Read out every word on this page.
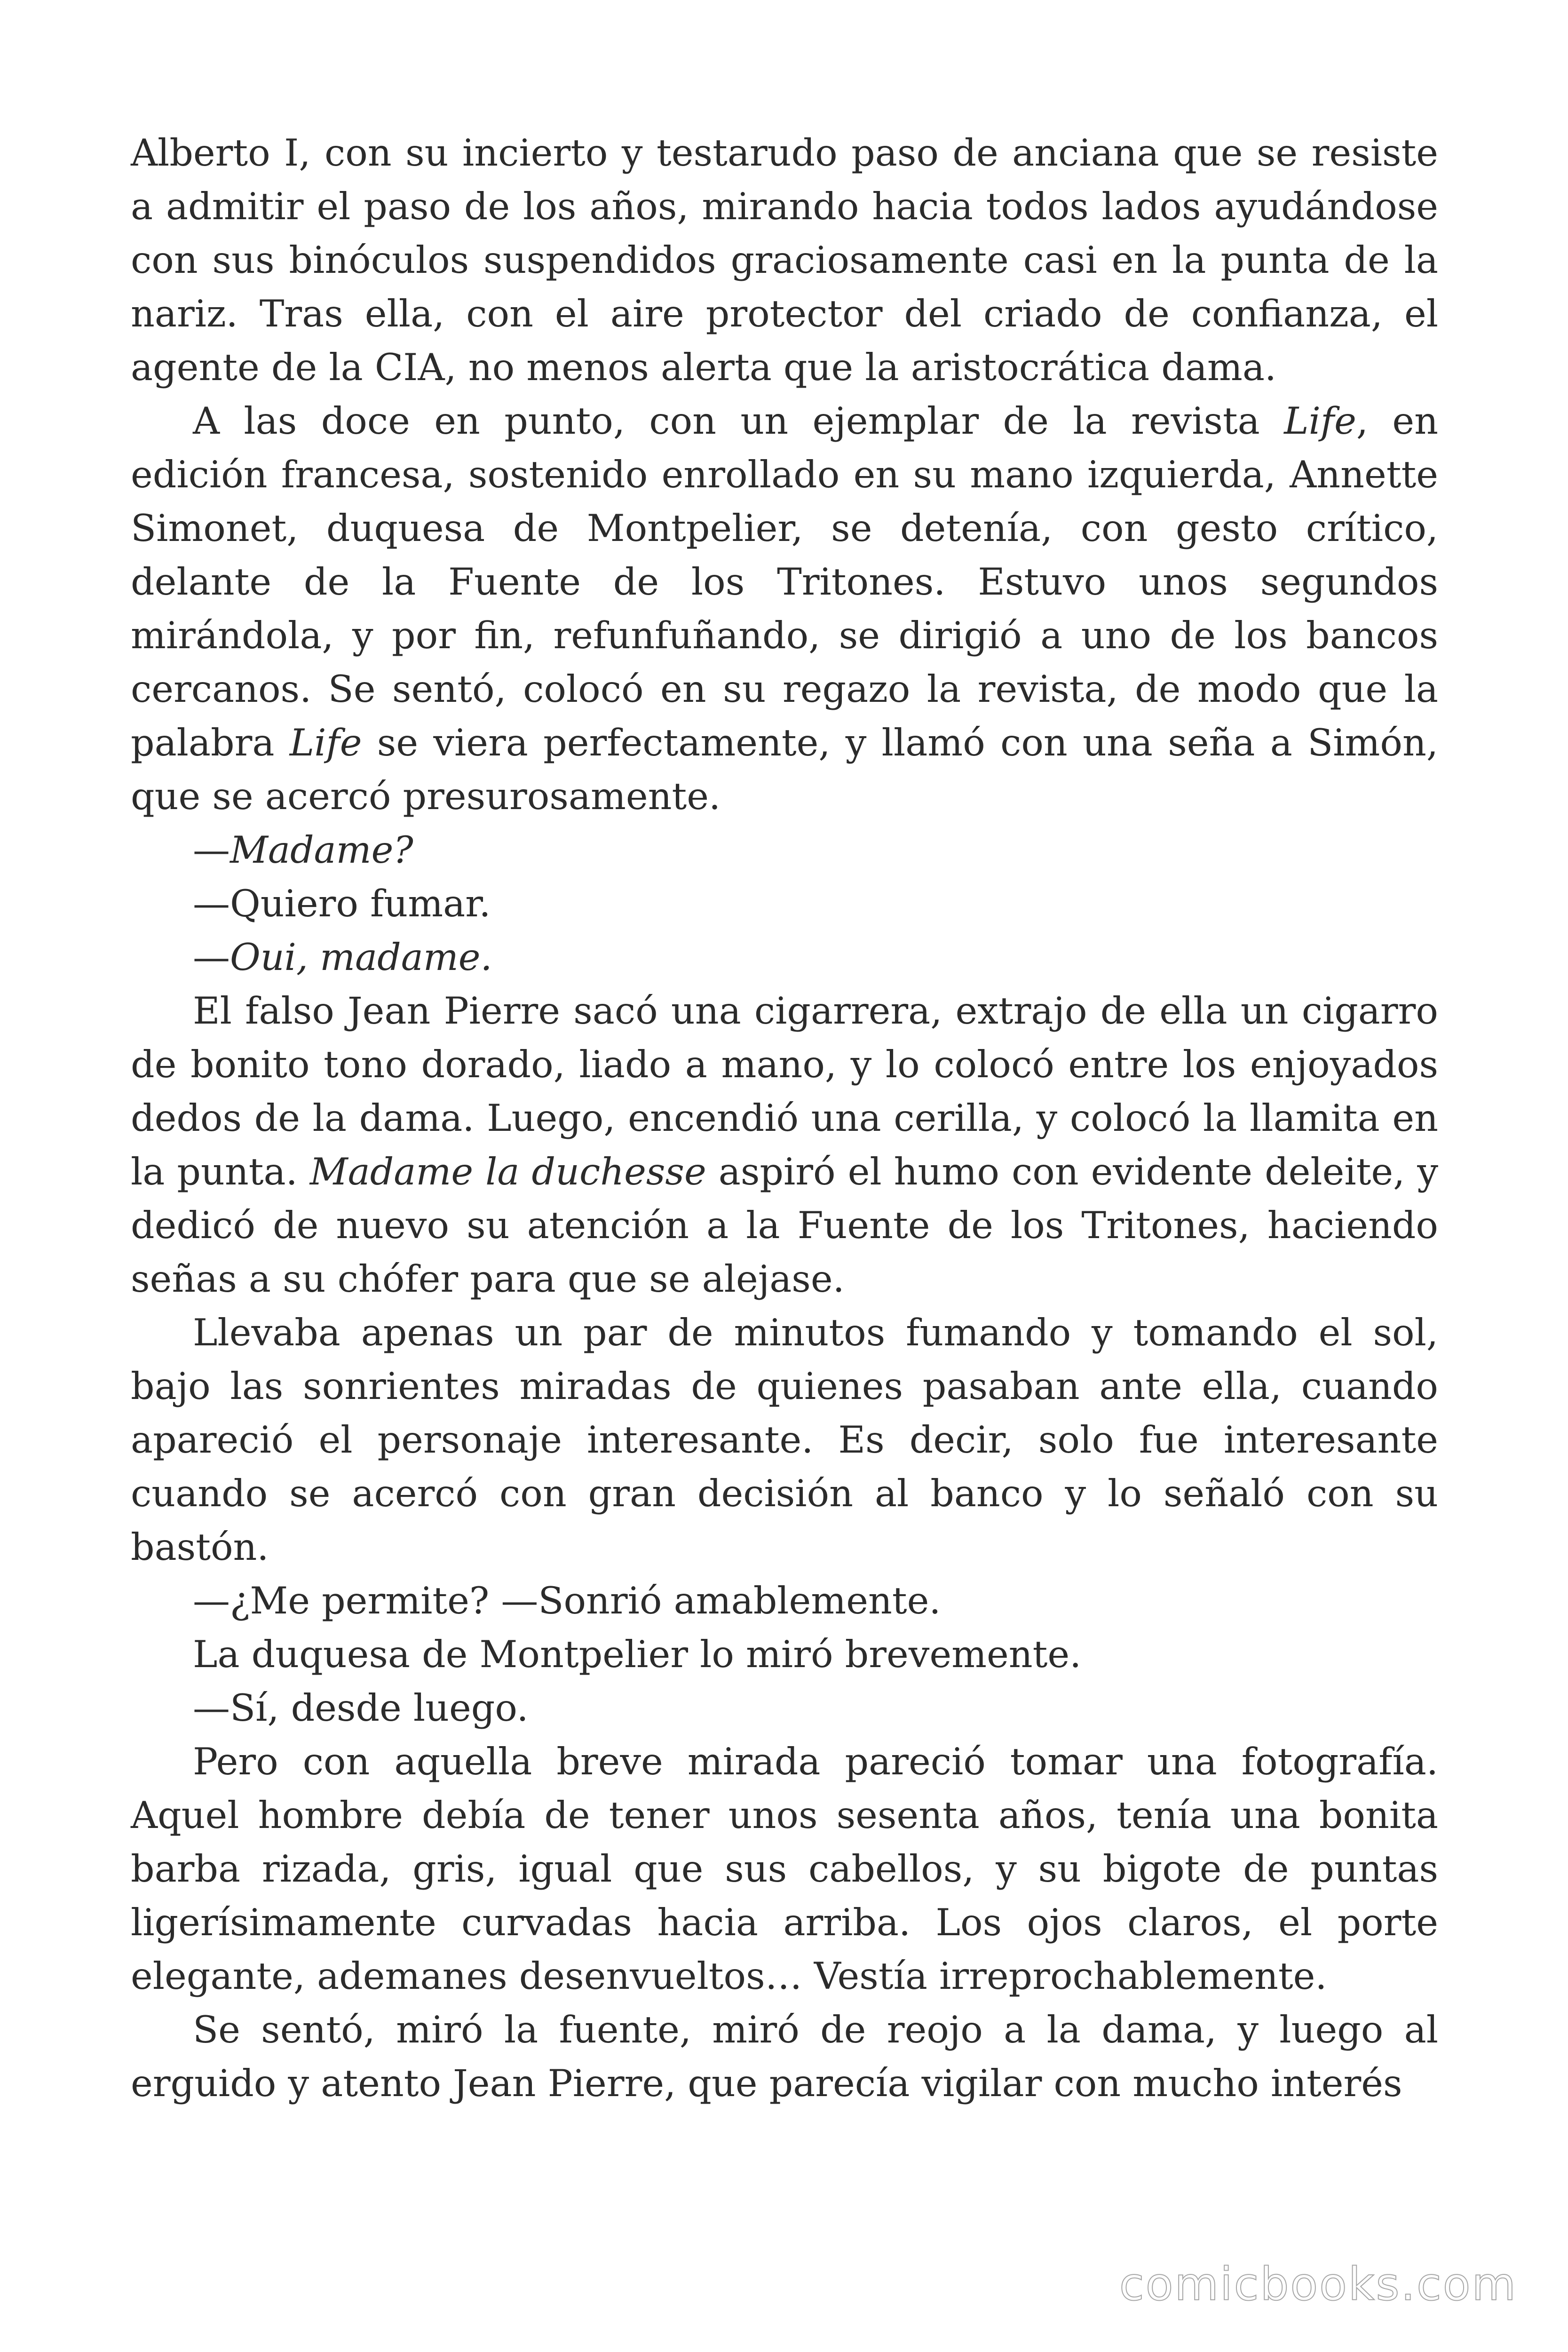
Alberto I, con su incierto y testarudo paso de anciana que se resiste a admitir el paso de los años, mirando hacia todos lados ayudándose con sus binóculos suspendidos graciosamente casi en la punta de la nariz. Tras ella, con el aire protector del criado de confianza, el agente de la CIA, no menos alerta que la aristocrática dama.

A las doce en punto, con un ejemplar de la revista Life, en edición francesa, sostenido enrollado en su mano izquierda, Annette Simonet, duquesa de Montpelier, se detenía, con gesto crítico, delante de la Fuente de los Tritones. Estuvo unos segundos mirándola, y por fin, refunfuñando, se dirigió a uno de los bancos cercanos. Se sentó, colocó en su regazo la revista, de modo que la palabra Life se viera perfectamente, y llamó con una seña a Simón, que se acercó presurosamente.

—Madame?

—Quiero fumar.

—Oui, madame.

El falso Jean Pierre sacó una cigarrera, extrajo de ella un cigarro de bonito tono dorado, liado a mano, y lo colocó entre los enjoyados dedos de la dama. Luego, encendió una cerilla, y colocó la llamita en la punta. Madame la duchesse aspiró el humo con evidente deleite, y dedicó de nuevo su atención a la Fuente de los Tritones, haciendo señas a su chófer para que se alejase.

Llevaba apenas un par de minutos fumando y tomando el sol, bajo las sonrientes miradas de quienes pasaban ante ella, cuando apareció el personaje interesante. Es decir, solo fue interesante cuando se acercó con gran decisión al banco y lo señaló con su bastón.

—¿Me permite? —Sonrió amablemente.

La duquesa de Montpelier lo miró brevemente.

—Sí, desde luego.

Pero con aquella breve mirada pareció tomar una fotografía. Aquel hombre debía de tener unos sesenta años, tenía una bonita barba rizada, gris, igual que sus cabellos, y su bigote de puntas ligerísimamente curvadas hacia arriba. Los ojos claros, el porte elegante, ademanes desenvueltos… Vestía irreprochablemente.

Se sentó, miró la fuente, miró de reojo a la dama, y luego al erguido y atento Jean Pierre, que parecía vigilar con mucho interés

comicbooks.com
